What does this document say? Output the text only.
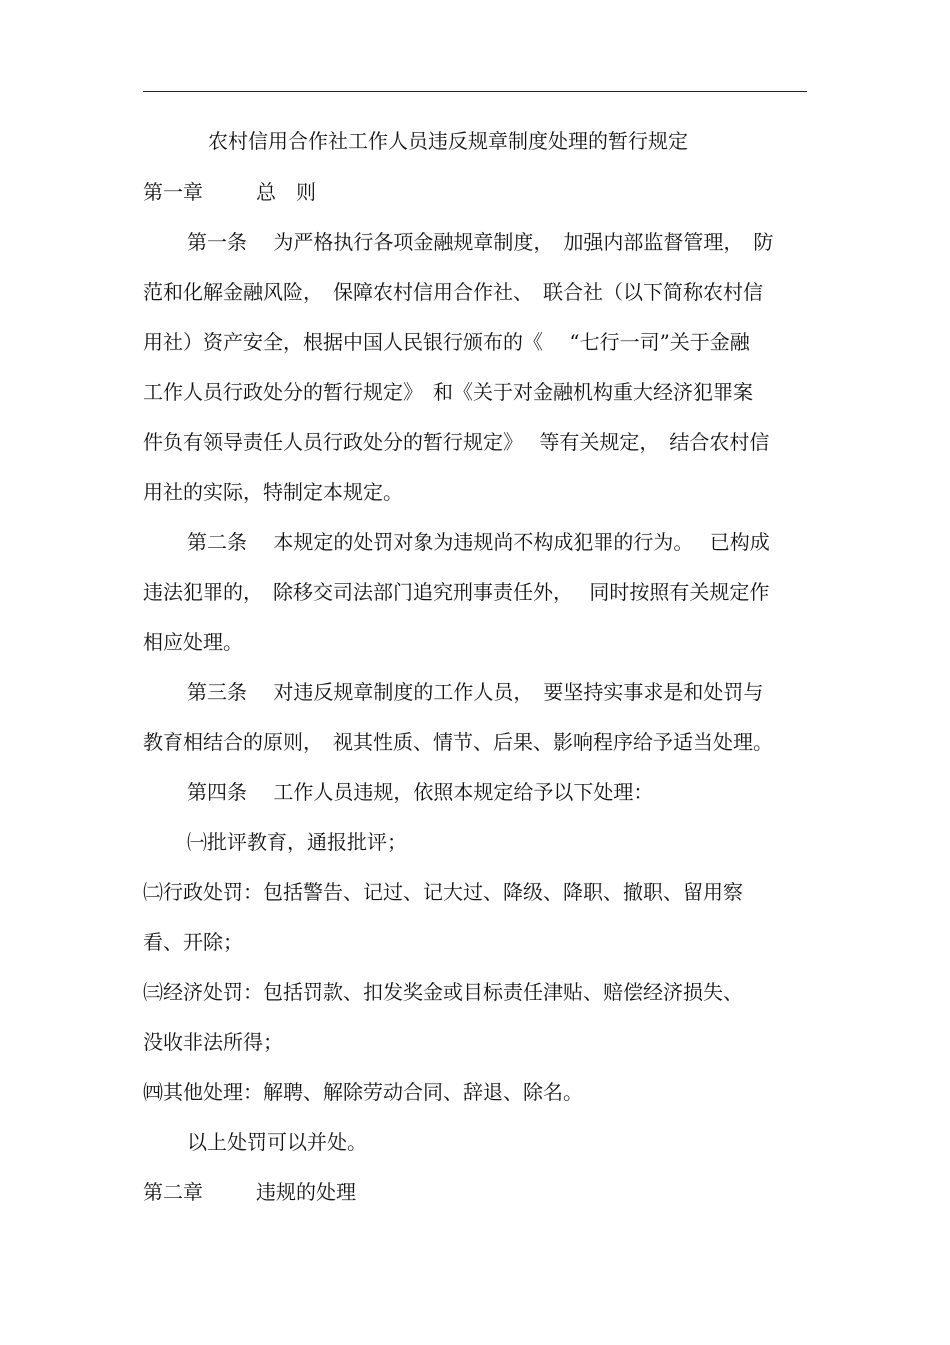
农村信用合作社工作人员违反规章制度处理的暂行规定
第一章	总　则
第一条　 为严格执行各项金融规章制度，　加强内部监督管理，　防
范和化解金融风险，　保障农村信用合作社、　联合社（以下简称农村信
用社）资产安全，根据中国人民银行颁布的《　 “七行一司”关于金融
工作人员行政处分的暂行规定》　和《关于对金融机构重大经济犯罪案
件负有领导责任人员行政处分的暂行规定》　 等有关规定，　结合农村信
用社的实际，特制定本规定。
第二条　 本规定的处罚对象为违规尚不构成犯罪的行为。　 已构成
违法犯罪的，　除移交司法部门追究刑事责任外，　 同时按照有关规定作
相应处理。
第三条　 对违反规章制度的工作人员，　要坚持实事求是和处罚与
教育相结合的原则，　视其性质、情节、后果、影响程序给予适当处理。
第四条　 工作人员违规，依照本规定给予以下处理：
㈠批评教育，通报批评；
㈡行政处罚：包括警告、记过、记大过、降级、降职、撤职、留用察
看、开除；
㈢经济处罚：包括罚款、扣发奖金或目标责任津贴、赔偿经济损失、
没收非法所得；
㈣其他处理：解聘、解除劳动合同、辞退、除名。
以上处罚可以并处。
第二章	违规的处理
